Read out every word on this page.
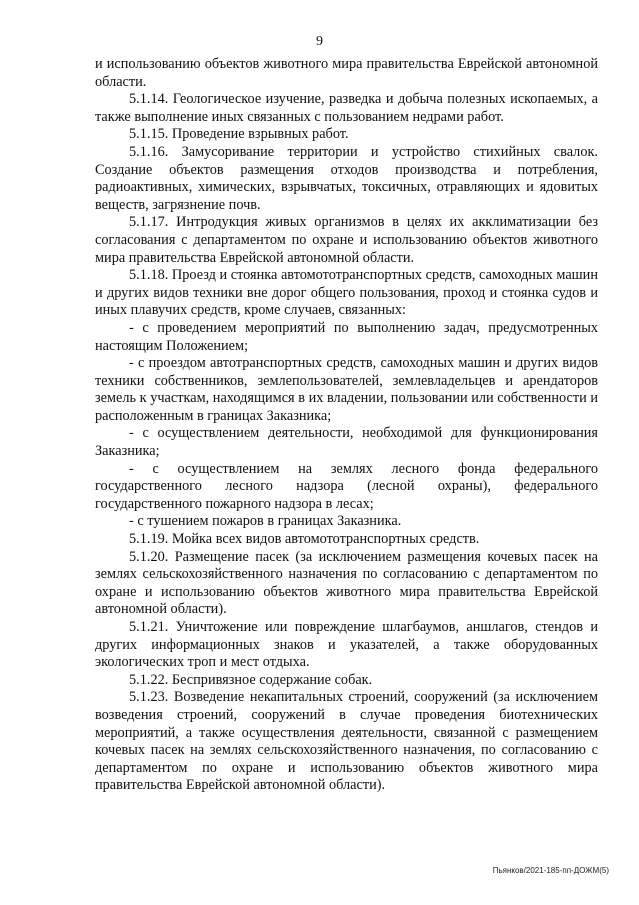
9

и использованию объектов животного мира правительства Еврейской автономной области.

5.1.14. Геологическое изучение, разведка и добыча полезных ископаемых, а также выполнение иных связанных с пользованием недрами работ.

5.1.15. Проведение взрывных работ.

5.1.16. Замусоривание территории и устройство стихийных свалок. Создание объектов размещения отходов производства и потребления, радиоактивных, химических, взрывчатых, токсичных, отравляющих и ядовитых веществ, загрязнение почв.

5.1.17. Интродукция живых организмов в целях их акклиматизации без согласования с департаментом по охране и использованию объектов животного мира правительства Еврейской автономной области.

5.1.18. Проезд и стоянка автомототранспортных средств, самоходных машин и других видов техники вне дорог общего пользования, проход и стоянка судов и иных плавучих средств, кроме случаев, связанных:

- с проведением мероприятий по выполнению задач, предусмотренных настоящим Положением;

- с проездом автотранспортных средств, самоходных машин и других видов техники собственников, землепользователей, землевладельцев и арендаторов земель к участкам, находящимся в их владении, пользовании или собственности и расположенным в границах Заказника;

- с осуществлением деятельности, необходимой для функционирования Заказника;

- с осуществлением на землях лесного фонда федерального государственного лесного надзора (лесной охраны), федерального государственного пожарного надзора в лесах;

- с тушением пожаров в границах Заказника.

5.1.19. Мойка всех видов автомототранспортных средств.

5.1.20. Размещение пасек (за исключением размещения кочевых пасек на землях сельскохозяйственного назначения по согласованию с департаментом по охране и использованию объектов животного мира правительства Еврейской автономной области).

5.1.21. Уничтожение или повреждение шлагбаумов, аншлагов, стендов и других информационных знаков и указателей, а также оборудованных экологических троп и мест отдыха.

5.1.22. Беспривязное содержание собак.

5.1.23. Возведение некапитальных строений, сооружений (за исключением возведения строений, сооружений в случае проведения биотехнических мероприятий, а также осуществления деятельности, связанной с размещением кочевых пасек на землях сельскохозяйственного назначения, по согласованию с департаментом по охране и использованию объектов животного мира правительства Еврейской автономной области).

Пьянков/2021-185-пп-ДОЖМ(5)
